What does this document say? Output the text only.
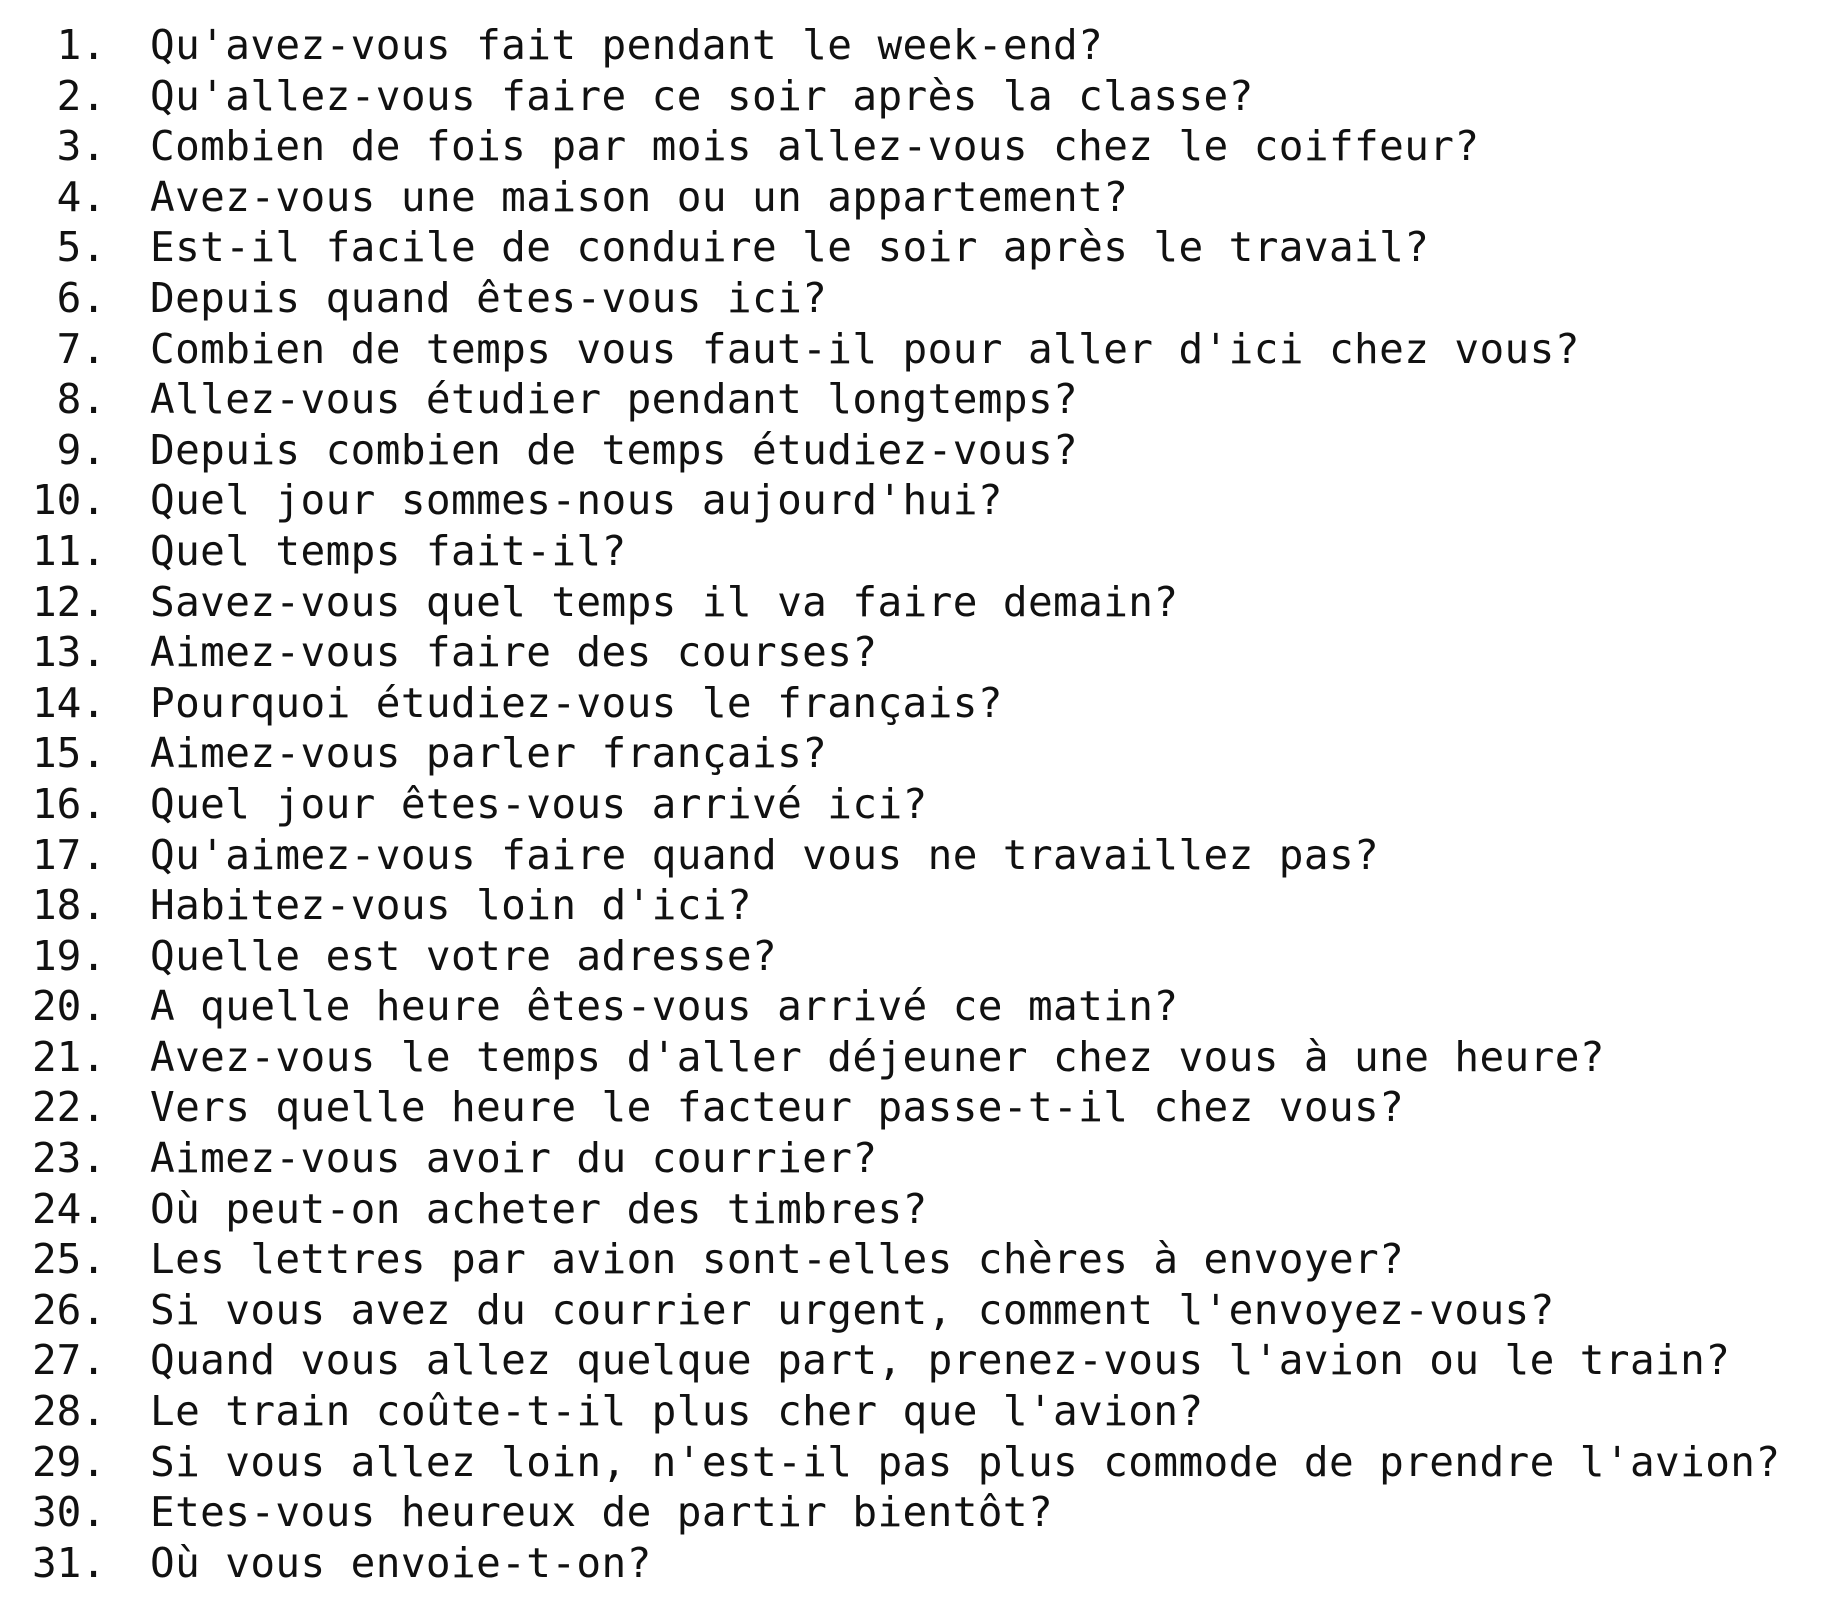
1.	Qu'avez-vous fait pendant le week-end?
2.	Qu'allez-vous faire ce soir après la classe?
3.	Combien de fois par mois allez-vous chez le coiffeur?
4.	Avez-vous une maison ou un appartement?
5.	Est-il facile de conduire le soir après le travail?
6.	Depuis quand êtes-vous ici?
7.	Combien de temps vous faut-il pour aller d'ici chez vous?
8.	Allez-vous étudier pendant longtemps?
9.	Depuis combien de temps étudiez-vous?
10.	Quel jour sommes-nous aujourd'hui?
11.	Quel temps fait-il?
12.	Savez-vous quel temps il va faire demain?
13.	Aimez-vous faire des courses?
14.	Pourquoi étudiez-vous le français?
15.	Aimez-vous parler français?
16.	Quel jour êtes-vous arrivé ici?
17.	Qu'aimez-vous faire quand vous ne travaillez pas?
18.	Habitez-vous loin d'ici?
19.	Quelle est votre adresse?
20.	A quelle heure êtes-vous arrivé ce matin?
21.	Avez-vous le temps d'aller déjeuner chez vous à une heure?
22.	Vers quelle heure le facteur passe-t-il chez vous?
23.	Aimez-vous avoir du courrier?
24.	Où peut-on acheter des timbres?
25.	Les lettres par avion sont-elles chères à envoyer?
26.	Si vous avez du courrier urgent, comment l'envoyez-vous?
27.	Quand vous allez quelque part, prenez-vous l'avion ou le train?
28.	Le train coûte-t-il plus cher que l'avion?
29.	Si vous allez loin, n'est-il pas plus commode de prendre l'avion?
30.	Etes-vous heureux de partir bientôt?
31.	Où vous envoie-t-on?
